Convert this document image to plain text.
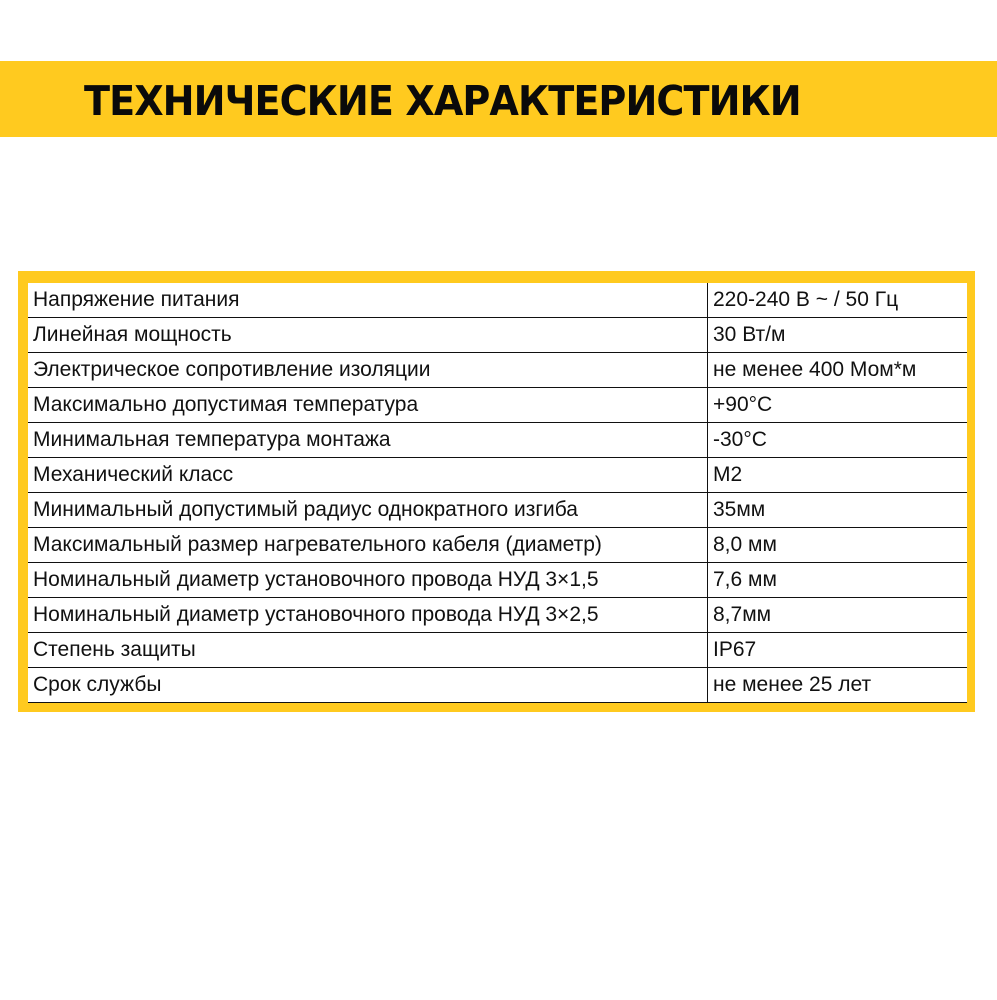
ТЕХНИЧЕСКИЕ ХАРАКТЕРИСТИКИ
Напряжение питания	220-240 В ~ / 50 Гц
Линейная мощность	30 Вт/м
Электрическое сопротивление изоляции	не менее 400 Мом*м
Максимально допустимая температура	+90°C
Минимальная температура монтажа	-30°C
Механический класс	М2
Минимальный допустимый радиус однократного изгиба	35мм
Максимальный размер нагревательного кабеля (диаметр)	8,0 мм
Номинальный диаметр установочного провода НУД 3×1,5	7,6 мм
Номинальный диаметр установочного провода НУД 3×2,5	8,7мм
Степень защиты	IP67
Срок службы	не менее 25 лет
